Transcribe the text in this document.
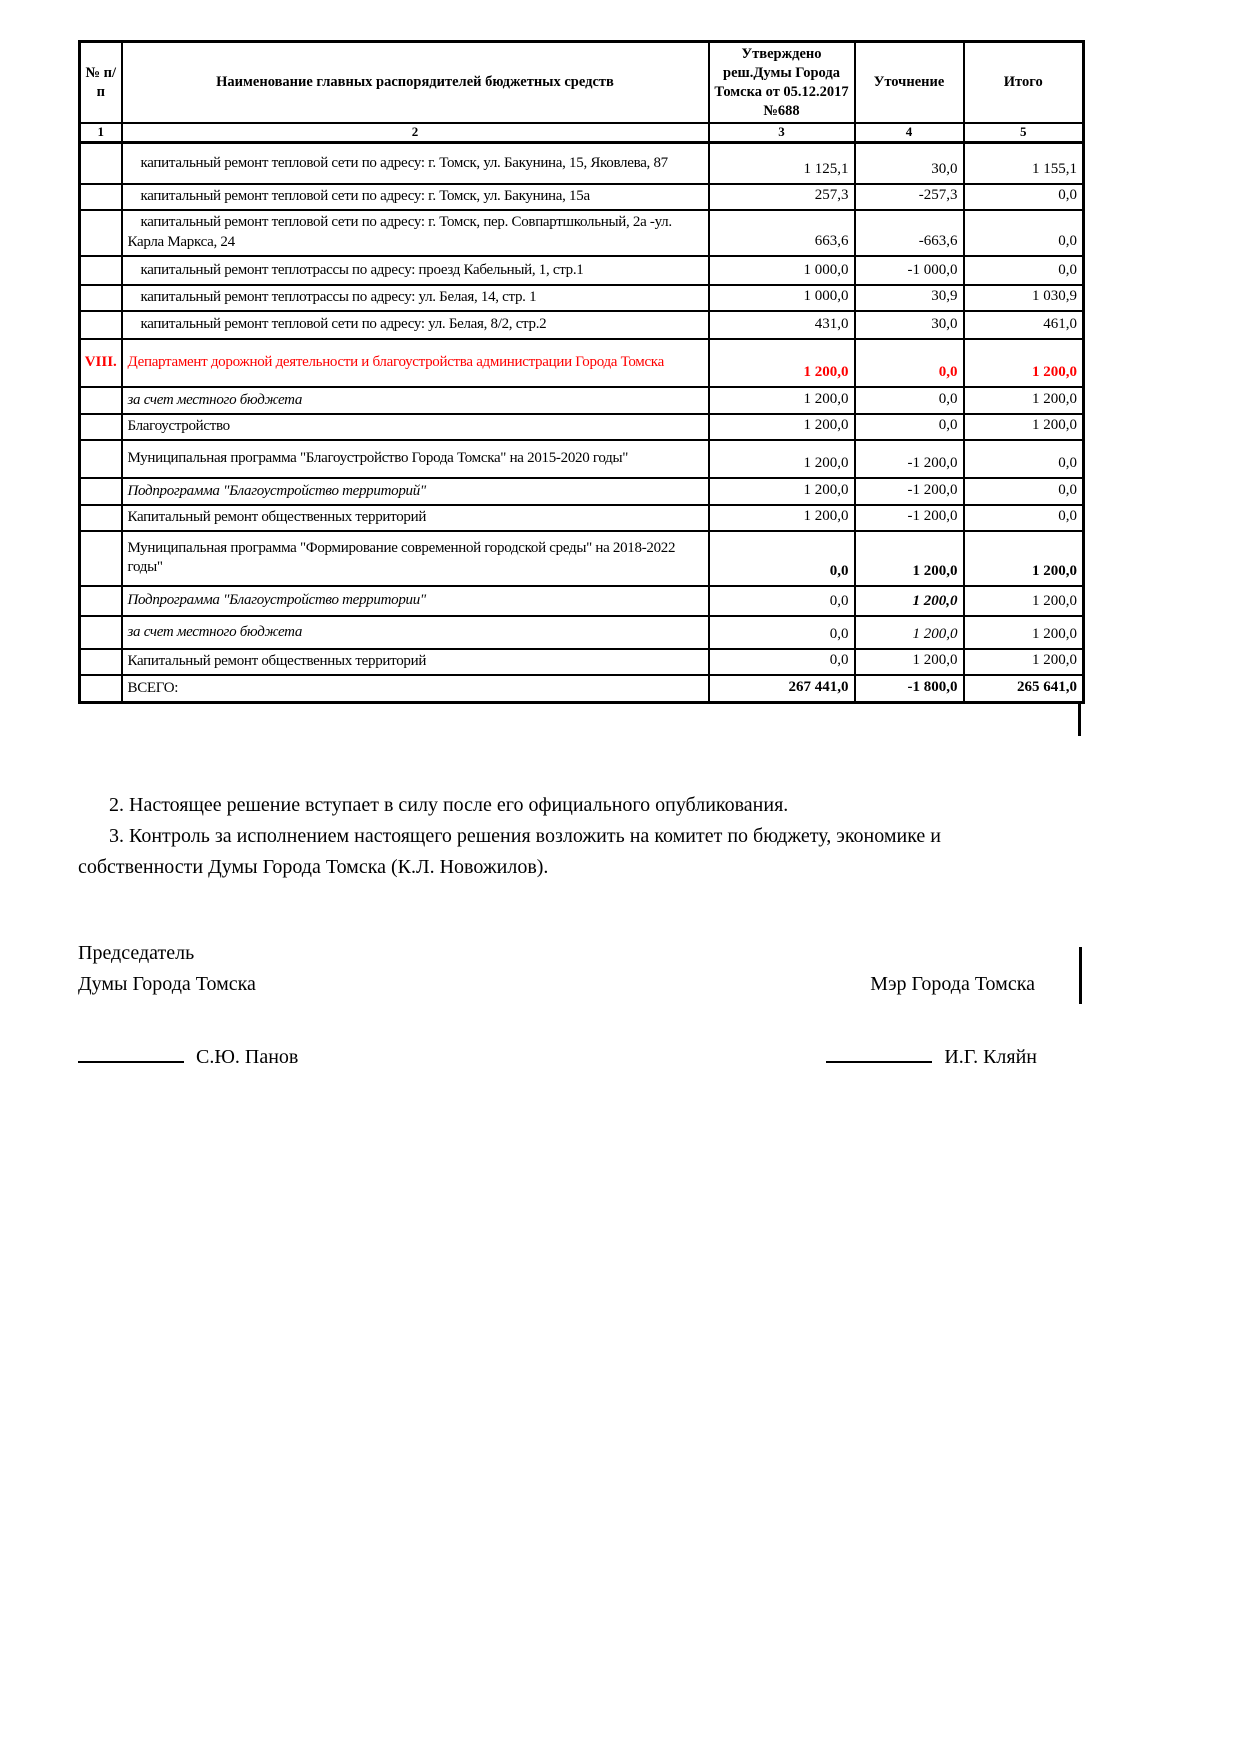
№ п/п	Наименование главных распорядителей бюджетных средств	Утверждено реш.Думы Города Томска от 05.12.2017 №688	Уточнение	Итого
1	2	3	4	5
	капитальный ремонт тепловой сети по адресу: г. Томск, ул. Бакунина, 15, Яковлева, 87	1 125,1	30,0	1 155,1
	капитальный ремонт тепловой сети по адресу: г. Томск, ул. Бакунина, 15а	257,3	-257,3	0,0
	капитальный ремонт тепловой сети по адресу: г. Томск, пер. Совпартшкольный, 2а -ул. Карла Маркса, 24	663,6	-663,6	0,0
	капитальный ремонт теплотрассы по адресу: проезд Кабельный, 1, стр.1	1 000,0	-1 000,0	0,0
	капитальный ремонт теплотрассы по адресу: ул. Белая, 14, стр. 1	1 000,0	30,9	1 030,9
	капитальный ремонт тепловой сети по адресу: ул. Белая, 8/2, стр.2	431,0	30,0	461,0
VIII.	Департамент дорожной деятельности и благоустройства администрации Города Томска	1 200,0	0,0	1 200,0
	за счет местного бюджета	1 200,0	0,0	1 200,0
	Благоустройство	1 200,0	0,0	1 200,0
	Муниципальная программа "Благоустройство Города Томска" на 2015-2020 годы"	1 200,0	-1 200,0	0,0
	Подпрограмма "Благоустройство территорий"	1 200,0	-1 200,0	0,0
	Капитальный ремонт общественных территорий	1 200,0	-1 200,0	0,0
	Муниципальная программа "Формирование современной городской среды" на 2018-2022 годы"	0,0	1 200,0	1 200,0
	Подпрограмма "Благоустройство территории"	0,0	1 200,0	1 200,0
	за счет местного бюджета	0,0	1 200,0	1 200,0
	Капитальный ремонт общественных территорий	0,0	1 200,0	1 200,0
	ВСЕГО:	267 441,0	-1 800,0	265 641,0

2. Настоящее решение вступает в силу после его официального опубликования.

3. Контроль за исполнением настоящего решения возложить на комитет по бюджету, экономике и собственности Думы Города Томска (К.Л. Новожилов).

Председатель
Думы Города Томска	Мэр Города Томска
С.Ю. Панов	И.Г. Кляйн
